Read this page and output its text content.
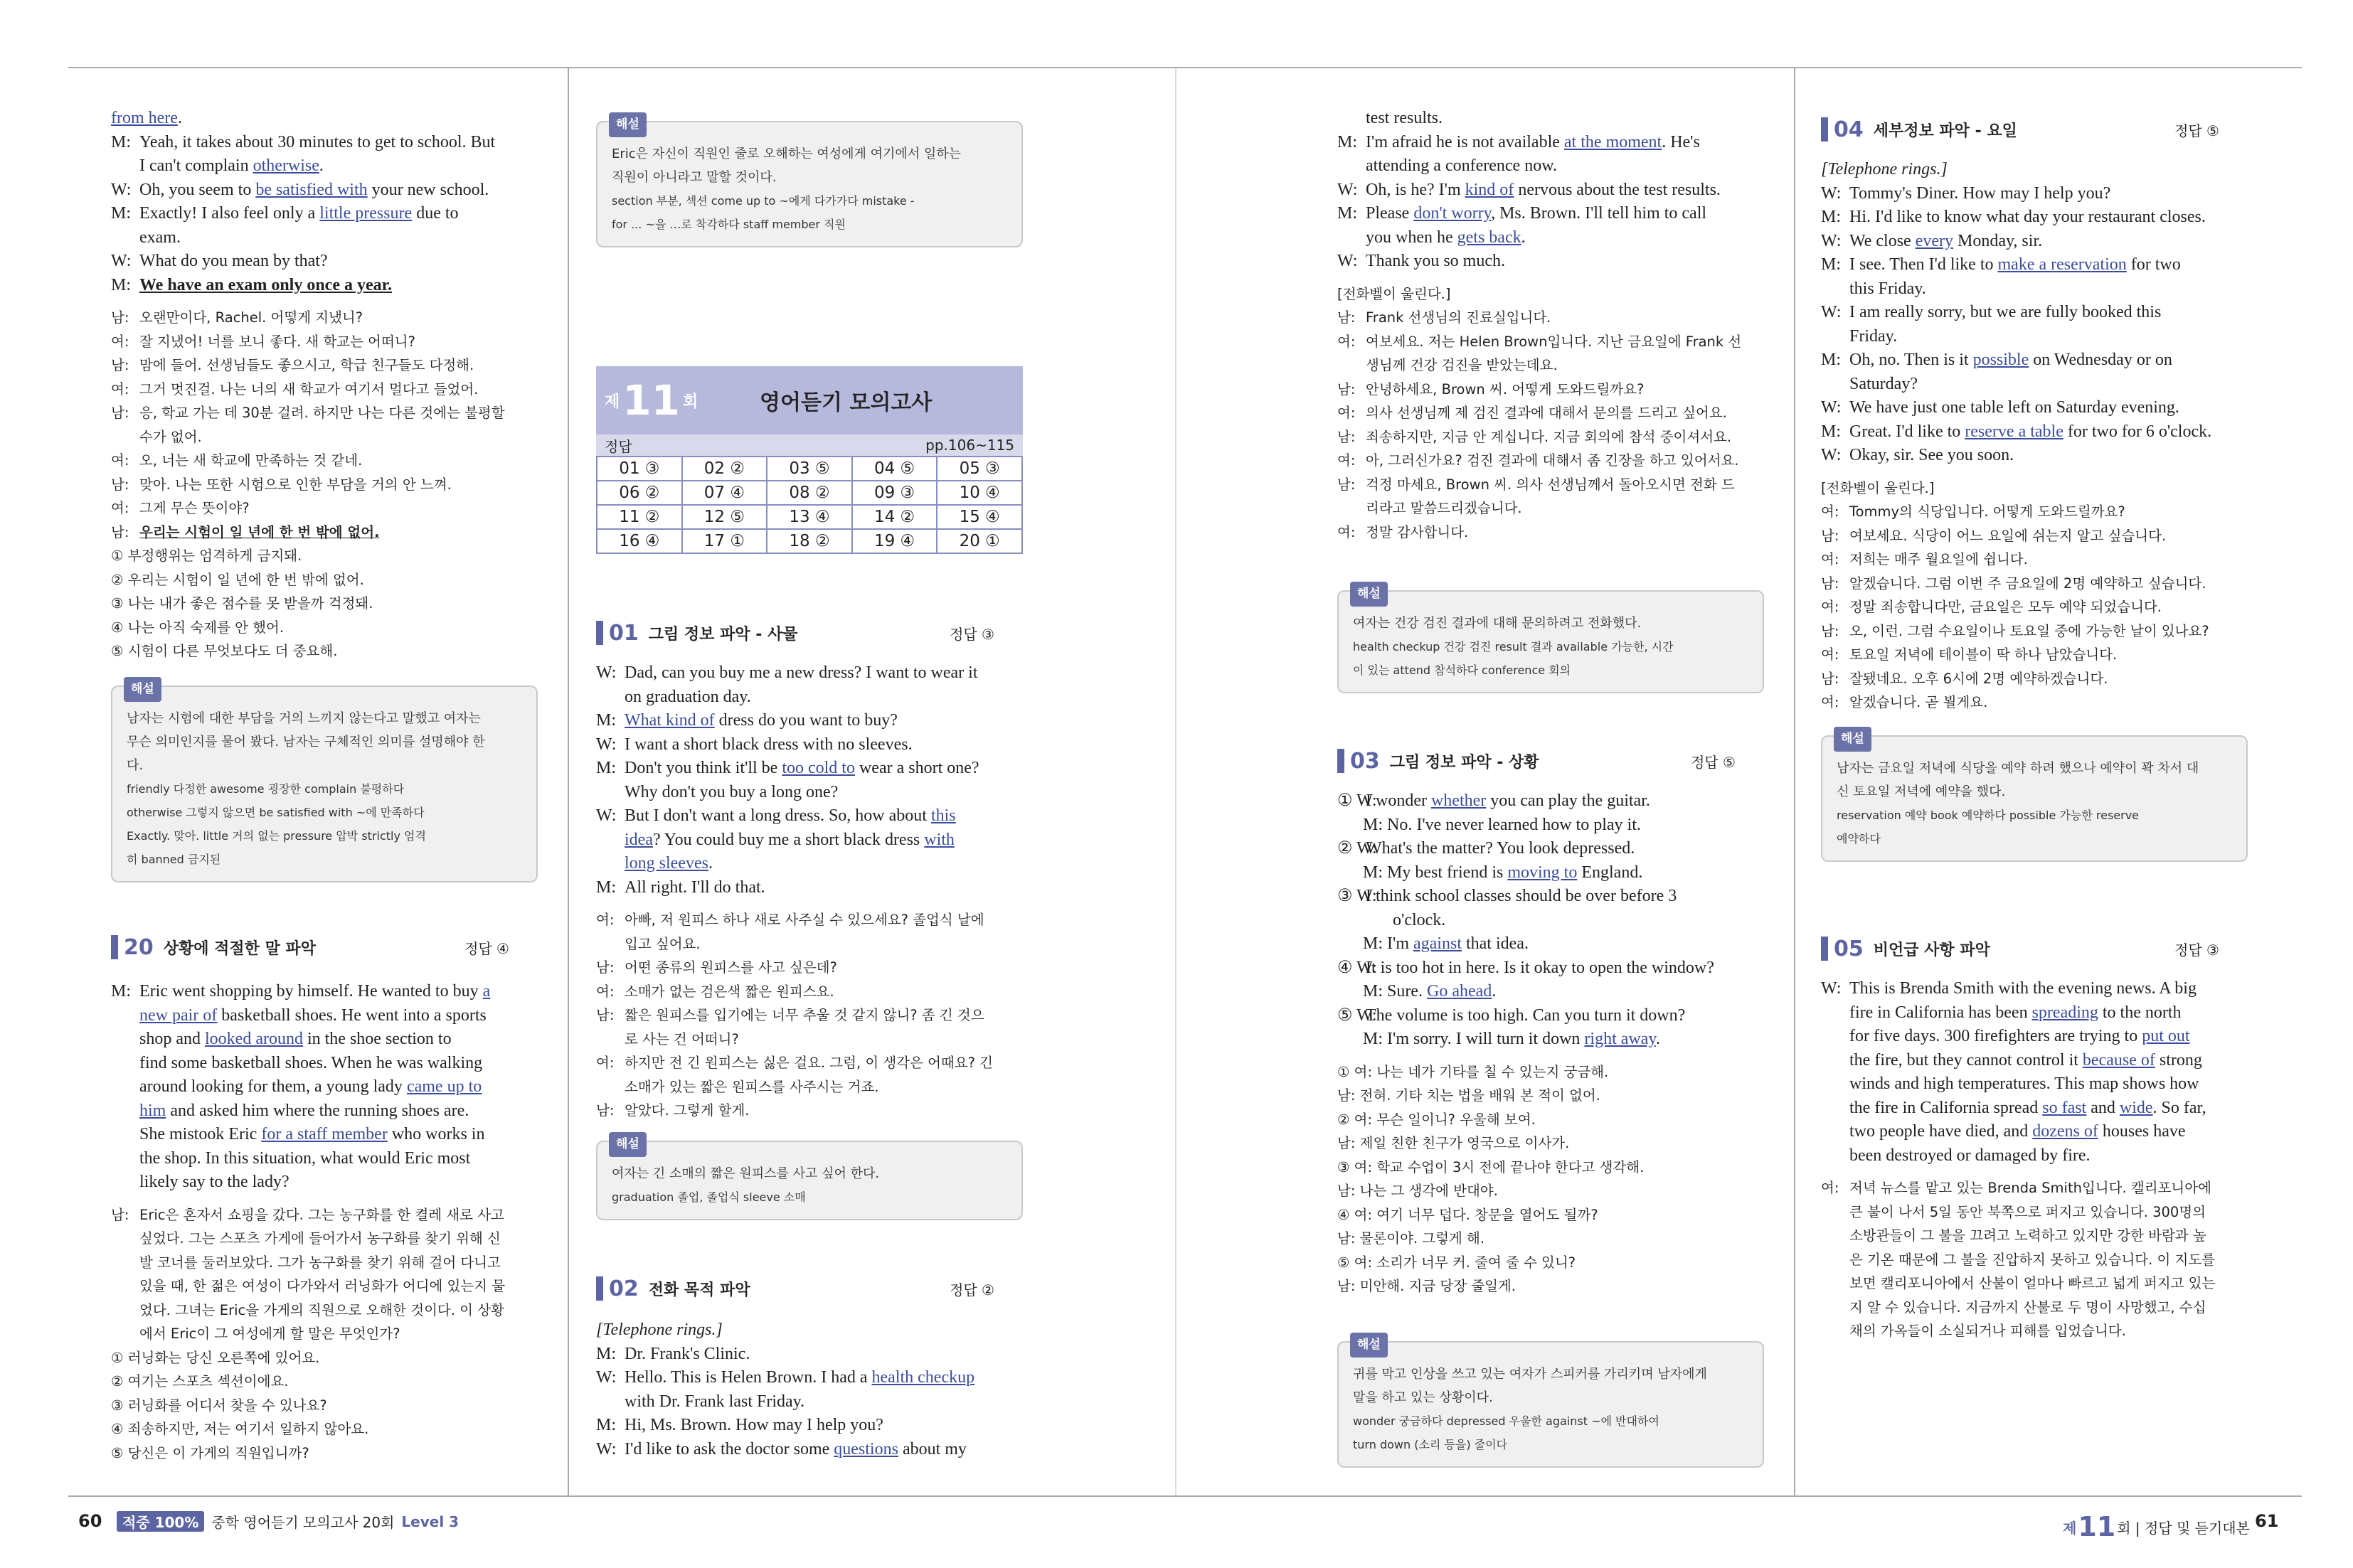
from here.
M: Yeah, it takes about 30 minutes to get to school. But
I can't complain otherwise.
W: Oh, you seem to be satisfied with your new school.
M: Exactly! I also feel only a little pressure due to
exam.
W: What do you mean by that?
M: We have an exam only once a year.
남: 오랜만이다, Rachel. 어떻게 지냈니?
여: 잘 지냈어! 너를 보니 좋다. 새 학교는 어떠니?
남: 맘에 들어. 선생님들도 좋으시고, 학급 친구들도 다정해.
여: 그거 멋진걸. 나는 너의 새 학교가 여기서 멀다고 들었어.
남: 응, 학교 가는 데 30분 걸려. 하지만 나는 다른 것에는 불평할
수가 없어.
여: 오, 너는 새 학교에 만족하는 것 같네.
남: 맞아. 나는 또한 시험으로 인한 부담을 거의 안 느껴.
여: 그게 무슨 뜻이야?
남: 우리는 시험이 일 년에 한 번 밖에 없어.
① 부정행위는 엄격하게 금지돼.
② 우리는 시험이 일 년에 한 번 밖에 없어.
③ 나는 내가 좋은 점수를 못 받을까 걱정돼.
④ 나는 아직 숙제를 안 했어.
⑤ 시험이 다른 무엇보다도 더 중요해.
해설
남자는 시험에 대한 부담을 거의 느끼지 않는다고 말했고 여자는
무슨 의미인지를 물어 봤다. 남자는 구체적인 의미를 설명해야 한
다.
friendly 다정한 awesome 굉장한 complain 불평하다
otherwise 그렇지 않으면 be satisfied with ~에 만족하다
Exactly. 맞아. little 거의 없는 pressure 압박 strictly 엄격
히 banned 금지된
20 상황에 적절한 말 파악	정답 ④
M: Eric went shopping by himself. He wanted to buy a
new pair of basketball shoes. He went into a sports
shop and looked around in the shoe section to
find some basketball shoes. When he was walking
around looking for them, a young lady came up to
him and asked him where the running shoes are.
She mistook Eric for a staff member who works in
the shop. In this situation, what would Eric most
likely say to the lady?
남: Eric은 혼자서 쇼핑을 갔다. 그는 농구화를 한 켤레 새로 사고
싶었다. 그는 스포츠 가게에 들어가서 농구화를 찾기 위해 신
발 코너를 둘러보았다. 그가 농구화를 찾기 위해 걸어 다니고
있을 때, 한 젊은 여성이 다가와서 러닝화가 어디에 있는지 물
었다. 그녀는 Eric을 가게의 직원으로 오해한 것이다. 이 상황
에서 Eric이 그 여성에게 할 말은 무엇인가?
① 러닝화는 당신 오른쪽에 있어요.
② 여기는 스포츠 섹션이에요.
③ 러닝화를 어디서 찾을 수 있나요?
④ 죄송하지만, 저는 여기서 일하지 않아요.
⑤ 당신은 이 가게의 직원입니까?
해설
Eric은 자신이 직원인 줄로 오해하는 여성에게 여기에서 일하는
직원이 아니라고 말할 것이다.
section 부분, 섹션 come up to ~에게 다가가다 mistake -
for ... ~을 …로 착각하다 staff member 직원
제 11 회	영어듣기 모의고사
정답	pp.106~115
01 ③	02 ②	03 ⑤	04 ⑤	05 ③
06 ②	07 ④	08 ②	09 ③	10 ④
11 ②	12 ⑤	13 ④	14 ②	15 ④
16 ④	17 ①	18 ②	19 ④	20 ①
01 그림 정보 파악 - 사물	정답 ③
W: Dad, can you buy me a new dress? I want to wear it
on graduation day.
M: What kind of dress do you want to buy?
W: I want a short black dress with no sleeves.
M: Don't you think it'll be too cold to wear a short one?
Why don't you buy a long one?
W: But I don't want a long dress. So, how about this
idea? You could buy me a short black dress with
long sleeves.
M: All right. I'll do that.
여: 아빠, 저 원피스 하나 새로 사주실 수 있으세요? 졸업식 날에
입고 싶어요.
남: 어떤 종류의 원피스를 사고 싶은데?
여: 소매가 없는 검은색 짧은 원피스요.
남: 짧은 원피스를 입기에는 너무 추울 것 같지 않니? 좀 긴 것으
로 사는 건 어떠니?
여: 하지만 전 긴 원피스는 싫은 걸요. 그럼, 이 생각은 어때요? 긴
소매가 있는 짧은 원피스를 사주시는 거죠.
남: 알았다. 그렇게 할게.
해설
여자는 긴 소매의 짧은 원피스를 사고 싶어 한다.
graduation 졸업, 졸업식 sleeve 소매
02 전화 목적 파악	정답 ②
[Telephone rings.]
M: Dr. Frank's Clinic.
W: Hello. This is Helen Brown. I had a health checkup
with Dr. Frank last Friday.
M: Hi, Ms. Brown. How may I help you?
W: I'd like to ask the doctor some questions about my
test results.
M: I'm afraid he is not available at the moment. He's
attending a conference now.
W: Oh, is he? I'm kind of nervous about the test results.
M: Please don't worry, Ms. Brown. I'll tell him to call
you when he gets back.
W: Thank you so much.
[전화벨이 울린다.]
남: Frank 선생님의 진료실입니다.
여: 여보세요. 저는 Helen Brown입니다. 지난 금요일에 Frank 선
생님께 건강 검진을 받았는데요.
남: 안녕하세요, Brown 씨. 어떻게 도와드릴까요?
여: 의사 선생님께 제 검진 결과에 대해서 문의를 드리고 싶어요.
남: 죄송하지만, 지금 안 계십니다. 지금 회의에 참석 중이셔서요.
여: 아, 그러신가요? 검진 결과에 대해서 좀 긴장을 하고 있어서요.
남: 걱정 마세요, Brown 씨. 의사 선생님께서 돌아오시면 전화 드
리라고 말씀드리겠습니다.
여: 정말 감사합니다.
해설
여자는 건강 검진 결과에 대해 문의하려고 전화했다.
health checkup 건강 검진 result 결과 available 가능한, 시간
이 있는 attend 참석하다 conference 회의
03 그림 정보 파악 - 상황	정답 ⑤
① W:
I wonder whether you can play the guitar.
M: No. I've never learned how to play it.
② W:
What's the matter? You look depressed.
M: My best friend is moving to England.
③ W:
I think school classes should be over before 3
o'clock.
M: I'm against that idea.
④ W:
It is too hot in here. Is it okay to open the window?
M: Sure. Go ahead.
⑤ W:
The volume is too high. Can you turn it down?
M: I'm sorry. I will turn it down right away.
① 여: 나는 네가 기타를 칠 수 있는지 궁금해.
남: 전혀. 기타 치는 법을 배워 본 적이 없어.
② 여: 무슨 일이니? 우울해 보여.
남: 제일 친한 친구가 영국으로 이사가.
③ 여: 학교 수업이 3시 전에 끝나야 한다고 생각해.
남: 나는 그 생각에 반대야.
④ 여: 여기 너무 덥다. 창문을 열어도 될까?
남: 물론이야. 그렇게 해.
⑤ 여: 소리가 너무 커. 줄여 줄 수 있니?
남: 미안해. 지금 당장 줄일게.
해설
귀를 막고 인상을 쓰고 있는 여자가 스피커를 가리키며 남자에게
말을 하고 있는 상황이다.
wonder 궁금하다 depressed 우울한 against ~에 반대하여
turn down (소리 등을) 줄이다
04 세부정보 파악 - 요일	정답 ⑤
[Telephone rings.]
W: Tommy's Diner. How may I help you?
M: Hi. I'd like to know what day your restaurant closes.
W: We close every Monday, sir.
M: I see. Then I'd like to make a reservation for two
this Friday.
W: I am really sorry, but we are fully booked this
Friday.
M: Oh, no. Then is it possible on Wednesday or on
Saturday?
W: We have just one table left on Saturday evening.
M: Great. I'd like to reserve a table for two for 6 o'clock.
W: Okay, sir. See you soon.
[전화벨이 울린다.]
여: Tommy의 식당입니다. 어떻게 도와드릴까요?
남: 여보세요. 식당이 어느 요일에 쉬는지 알고 싶습니다.
여: 저희는 매주 월요일에 쉽니다.
남: 알겠습니다. 그럼 이번 주 금요일에 2명 예약하고 싶습니다.
여: 정말 죄송합니다만, 금요일은 모두 예약 되었습니다.
남: 오, 이런. 그럼 수요일이나 토요일 중에 가능한 날이 있나요?
여: 토요일 저녁에 테이블이 딱 하나 남았습니다.
남: 잘됐네요. 오후 6시에 2명 예약하겠습니다.
여: 알겠습니다. 곧 뵐게요.
해설
남자는 금요일 저녁에 식당을 예약 하려 했으나 예약이 꽉 차서 대
신 토요일 저녁에 예약을 했다.
reservation 예약 book 예약하다 possible 가능한 reserve
예약하다
05 비언급 사항 파악	정답 ③
W: This is Brenda Smith with the evening news. A big
fire in California has been spreading to the north
for five days. 300 firefighters are trying to put out
the fire, but they cannot control it because of strong
winds and high temperatures. This map shows how
the fire in California spread so fast and wide. So far,
two people have died, and dozens of houses have
been destroyed or damaged by fire.
여: 저녁 뉴스를 맡고 있는 Brenda Smith입니다. 캘리포니아에
큰 불이 나서 5일 동안 북쪽으로 퍼지고 있습니다. 300명의
소방관들이 그 불을 끄려고 노력하고 있지만 강한 바람과 높
은 기온 때문에 그 불을 진압하지 못하고 있습니다. 이 지도를
보면 캘리포니아에서 산불이 얼마나 빠르고 넓게 퍼지고 있는
지 알 수 있습니다. 지금까지 산불로 두 명이 사망했고, 수십
채의 가옥들이 소실되거나 피해를 입었습니다.
60	적중 100% 중학 영어듣기 모의고사 20회 Level 3	제 11 회 | 정답 및 듣기대본 61
